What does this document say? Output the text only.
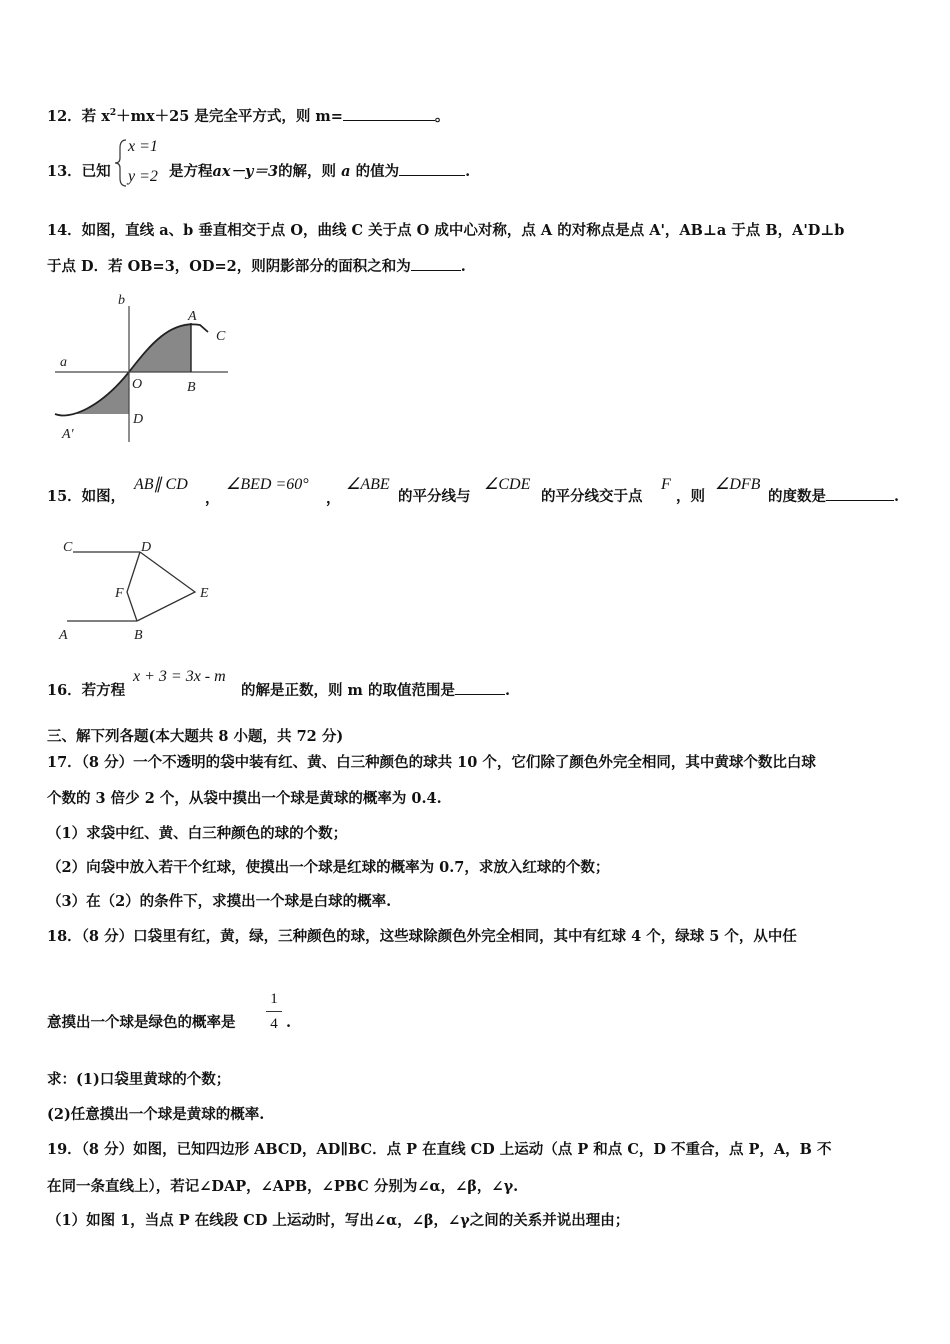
12．若 $x^2+mx+25$ 是完全平方式，则 m=	。
13．已知
x =1
y =2 是方程ax－y＝3的解，则 a 的值为	.
14．如图，直线 a、b 垂直相交于点 O，曲线 C 关于点 O 成中心对称，点 A 的对称点是点 A'，AB⊥a 于点 B，A'D⊥b
于点 D．若 OB=3，OD=2，则阴影部分的面积之和为	.
b
a
A
C
O	B
D
A'
15．如图，
AB∥ CD
，
∠BED =60°
，
∠ABE
的平分线与
∠CDE
的平分线交于点
F
，则
∠DFB
的度数是	.
C	D
F	E
A	B
16．若方程
x + 3 = 3x - m
的解是正数，则 m 的取值范围是	.
三、解下列各题(本大题共 8 小题，共 72 分)
17．（8 分）一个不透明的袋中装有红、黄、白三种颜色的球共 10 个，它们除了颜色外完全相同，其中黄球个数比白球
个数的 3 倍少 2 个，从袋中摸出一个球是黄球的概率为 0.4.
（1）求袋中红、黄、白三种颜色的球的个数；
（2）向袋中放入若干个红球，使摸出一个球是红球的概率为 0.7，求放入红球的个数；
（3）在（2）的条件下，求摸出一个球是白球的概率.
18．（8 分）口袋里有红，黄，绿，三种颜色的球，这些球除颜色外完全相同，其中有红球 4 个，绿球 5 个，从中任
意摸出一个球是绿色的概率是
1
4 .
求：(1)口袋里黄球的个数；
(2)任意摸出一个球是黄球的概率.
19．（8 分）如图，已知四边形 ABCD，AD∥BC．点 P 在直线 CD 上运动（点 P 和点 C，D 不重合，点 P，A，B 不
在同一条直线上），若记∠DAP，∠APB，∠PBC 分别为∠α，∠β，∠γ.
（1）如图 1，当点 P 在线段 CD 上运动时，写出∠α，∠β，∠γ之间的关系并说出理由；
